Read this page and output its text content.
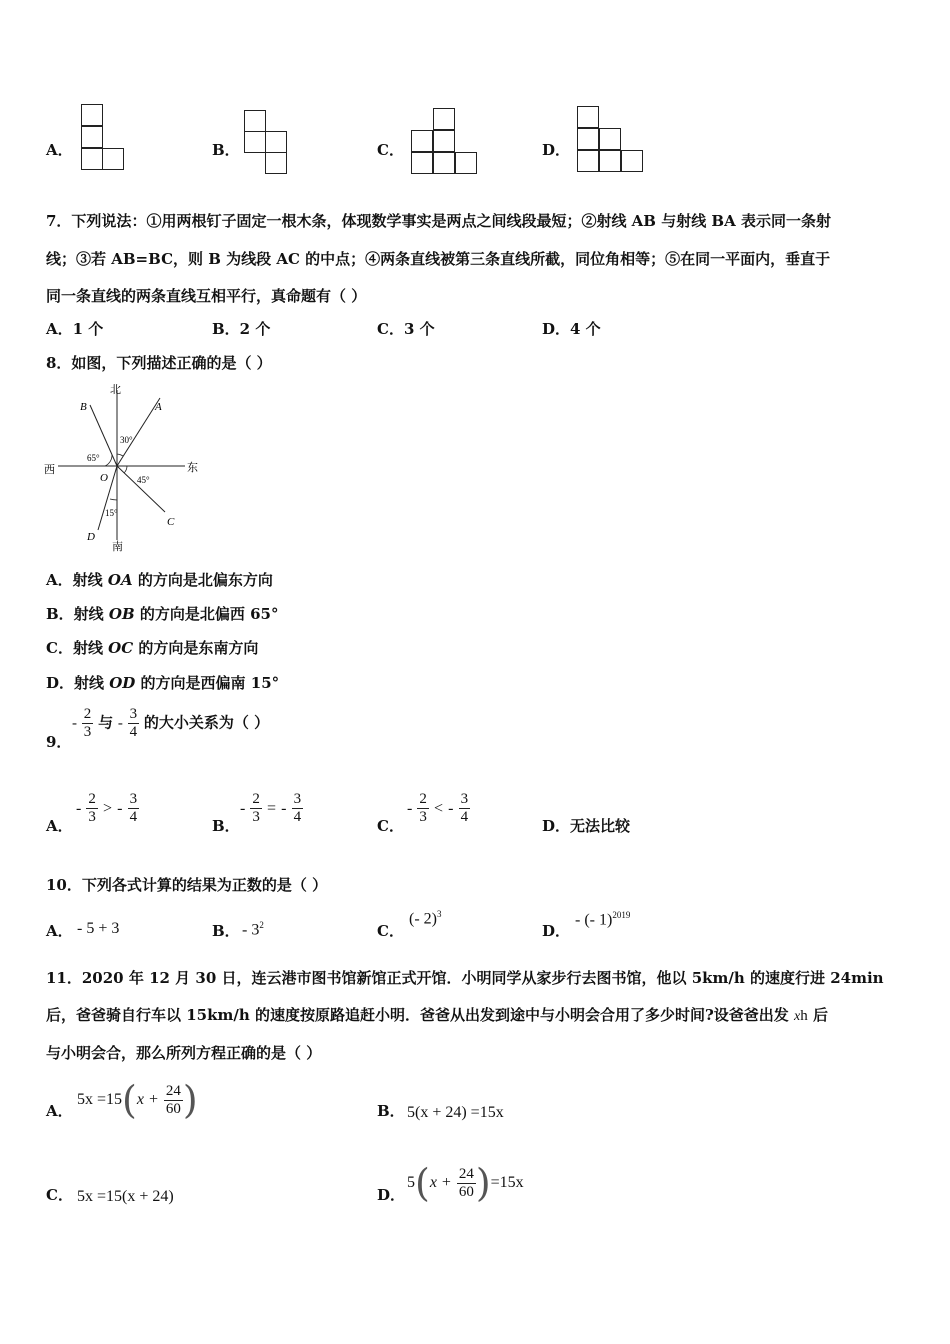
A．	B．	C．	D．
7．下列说法：①用两根钉子固定一根木条，体现数学事实是两点之间线段最短；②射线 AB 与射线 BA 表示同一条射
线；③若 AB=BC，则 B 为线段 AC 的中点；④两条直线被第三条直线所截，同位角相等；⑤在同一平面内，垂直于
同一条直线的两条直线互相平行，真命题有（ ）
A．1 个	B．2 个	C．3 个	D．4 个
8．如图，下列描述正确的是（ ）
北
南
东
西
A
B
C
D
O
30°
65°
45°
15°
A．射线 OA 的方向是北偏东方向
B．射线 OB 的方向是北偏西 65°
C．射线 OC 的方向是东南方向
D．射线 OD 的方向是西偏南 15°
9．
- $\frac{2}{3}$ 与 - $\frac{3}{4}$ 的大小关系为（ ）
A．
- $\frac{2}{3}$ > - $\frac{3}{4}$	B．
- $\frac{2}{3}$ = - $\frac{3}{4}$	C．
- $\frac{2}{3}$ < - $\frac{3}{4}$	D．无法比较
10．下列各式计算的结果为正数的是（ ）
A． - 5 + 3	B． - $3^2$	C．
(- 2)$^3$
D．
- (- 1)$^{2019}$
11．2020 年 12 月 30 日，连云港市图书馆新馆正式开馆．小明同学从家步行去图书馆，他以 5km/h 的速度行进 24min
后，爸爸骑自行车以 15km/h 的速度按原路追赶小明．爸爸从出发到途中与小明会合用了多少时间?设爸爸出发 xh 后
与小明会合，那么所列方程正确的是（ ）
A．
$5x =15(x + \frac{24}{60}$ )	B． 5(x + 24) =15x
C． 5x =15(x + 24)	D．
$5(x + \frac{24}{60} )=15x$
